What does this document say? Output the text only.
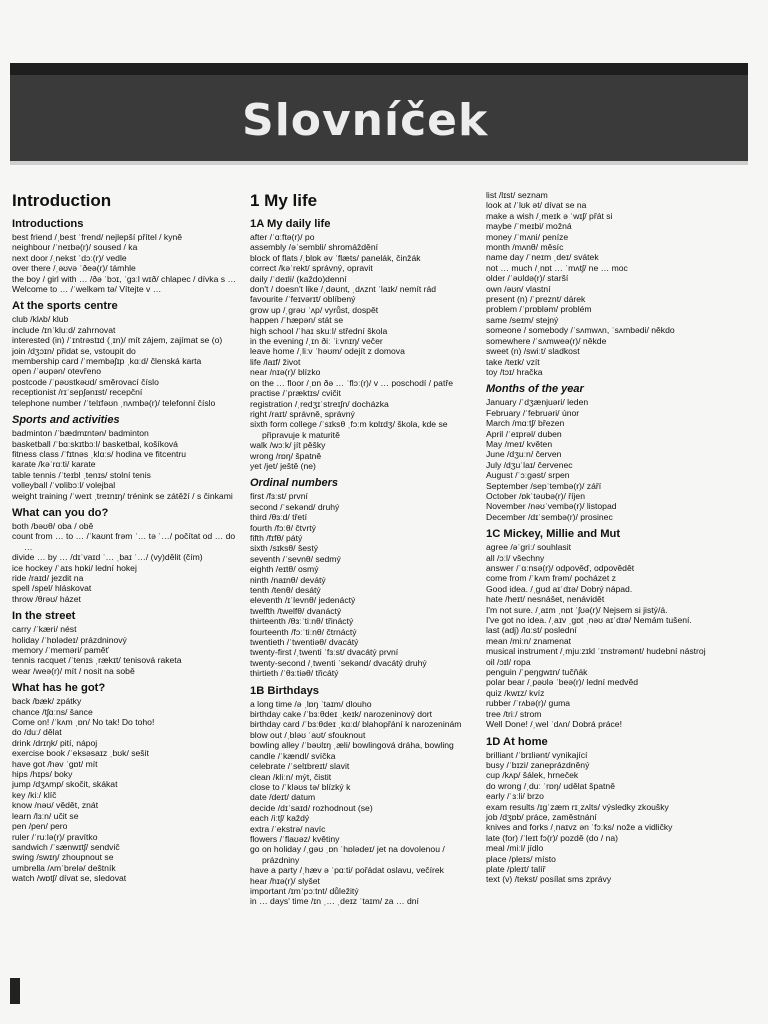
Slovníček
Introduction
Introductions
best friend /ˌbest ˈfrend/ nejlepší přítel / kyně
neighbour /ˈneɪbə(r)/ soused / ka
next door /ˌnekst ˈdɔː(r)/ vedle
over there /ˌəʊvə ˈðeə(r)/ támhle
the boy / girl with … /ðə ˈbɔɪ, ˈɡɜːl wɪð/ chlapec / dívka s …
Welcome to … /ˈwelkəm tə/ Vítejte v …
At the sports centre
club /klʌb/ klub
include /ɪnˈkluːd/ zahrnovat
interested (in) /ˈɪntrəstɪd (ˌɪn)/ mít zájem, zajímat se (o)
join /dʒɔɪn/ přidat se, vstoupit do
membership card /ˈmembəʃɪp ˌkɑːd/ členská karta
open /ˈəʊpən/ otevřeno
postcode /ˈpəʊstkəʊd/ směrovací číslo
receptionist /rɪˈsepʃənɪst/ recepční
telephone number /ˈtelɪfəʊn ˌnʌmbə(r)/ telefonní číslo
Sports and activities
badminton /ˈbædmɪntən/ badminton
basketball /ˈbɑːskɪtbɔːl/ basketbal, košíková
fitness class /ˈfɪtnəs ˌklɑːs/ hodina ve fitcentru
karate /kəˈrɑːti/ karate
table tennis /ˈteɪbl ˌtenɪs/ stolní tenis
volleyball /ˈvɒlibɔːl/ volejbal
weight training /ˈweɪt ˌtreɪnɪŋ/ trénink se zátěží / s činkami
What can you do?
both /bəʊθ/ oba / obě
count from … to … /ˈkaʊnt frəm ˈ… tə ˈ…/ počítat od … do …
divide … by … /dɪˈvaɪd ˈ… ˌbaɪ ˈ…/ (vy)dělit (čím)
ice hockey /ˈaɪs hɒki/ lední hokej
ride /raɪd/ jezdit na
spell /spel/ hláskovat
throw /θrəʊ/ házet
In the street
carry /ˈkæri/ nést
holiday /ˈhɒlədeɪ/ prázdninový
memory /ˈmeməri/ paměť
tennis racquet /ˈtenɪs ˌrækɪt/ tenisová raketa
wear /weə(r)/ mít / nosit na sobě
What has he got?
back /bæk/ zpátky
chance /tʃɑːns/ šance
Come on! /ˈkʌm ˌɒn/ No tak! Do toho!
do /duː/ dělat
drink /drɪŋk/ pití, nápoj
exercise book /ˈeksəsaɪz ˌbʊk/ sešit
have got /həv ˈɡɒt/ mít
hips /hɪps/ boky
jump /dʒʌmp/ skočit, skákat
key /kiː/ klíč
know /nəʊ/ vědět, znát
learn /lɜːn/ učit se
pen /pen/ pero
ruler /ˈruːlə(r)/ pravítko
sandwich /ˈsænwɪtʃ/ sendvič
swing /swɪŋ/ zhoupnout se
umbrella /ʌmˈbrelə/ deštník
watch /wɒtʃ/ dívat se, sledovat
1 My life
1A My daily life
after /ˈɑːftə(r)/ po
assembly /əˈsembli/ shromáždění
block of flats /ˌblɒk əv ˈflæts/ panelák, činžák
correct /kəˈrekt/ správný, opravit
daily /ˈdeɪli/ (každo)denní
don't / doesn't like /ˌdəʊnt, ˌdʌznt ˈlaɪk/ nemít rád
favourite /ˈfeɪvərɪt/ oblíbený
grow up /ˌɡrəʊ ˈʌp/ vyrůst, dospět
happen /ˈhæpən/ stát se
high school /ˈhaɪ skuːl/ střední škola
in the evening /ˌɪn ðiː ˈiːvnɪŋ/ večer
leave home /ˌliːv ˈhəʊm/ odejít z domova
life /laɪf/ život
near /nɪə(r)/ blízko
on the … floor /ˌɒn ðə … ˈflɔː(r)/ v … poschodí / patře
practise /ˈpræktɪs/ cvičit
registration /ˌredʒɪˈstreɪʃn/ docházka
right /raɪt/ správně, správný
sixth form college /ˈsɪksθ ˌfɔːm kɒlɪdʒ/ škola, kde se připravuje k maturitě
walk /wɔːk/ jít pěšky
wrong /rɒŋ/ špatně
yet /jet/ ještě (ne)
Ordinal numbers
first /fɜːst/ první
second /ˈsekənd/ druhý
third /θɜːd/ třetí
fourth /fɔːθ/ čtvrtý
fifth /fɪfθ/ pátý
sixth /sɪksθ/ šestý
seventh /ˈsevnθ/ sedmý
eighth /eɪtθ/ osmý
ninth /naɪnθ/ devátý
tenth /tenθ/ desátý
eleventh /ɪˈlevnθ/ jedenáctý
twelfth /twelfθ/ dvanáctý
thirteenth /θɜːˈtiːnθ/ třináctý
fourteenth /fɔːˈtiːnθ/ čtrnáctý
twentieth /ˈtwentiəθ/ dvacátý
twenty-first /ˌtwenti ˈfɜːst/ dvacátý první
twenty-second /ˌtwenti ˈsekənd/ dvacátý druhý
thirtieth /ˈθɜːtiəθ/ třicátý
1B Birthdays
a long time /ə ˌlɒŋ ˈtaɪm/ dlouho
birthday cake /ˈbɜːθdeɪ ˌkeɪk/ narozeninový dort
birthday card /ˈbɜːθdeɪ ˌkɑːd/ blahopřání k narozeninám
blow out /ˌbləʊ ˈaʊt/ sfouknout
bowling alley /ˈbəʊlɪŋ ˌæli/ bowlingová dráha, bowling
candle /ˈkændl/ svíčka
celebrate /ˈselɪbreɪt/ slavit
clean /kliːn/ mýt, čistit
close to /ˈkləʊs tə/ blízký k
date /deɪt/ datum
decide /dɪˈsaɪd/ rozhodnout (se)
each /iːtʃ/ každý
extra /ˈekstrə/ navíc
flowers /ˈflaʊəz/ květiny
go on holiday /ˌɡəʊ ˌɒn ˈhɒlədeɪ/ jet na dovolenou / prázdniny
have a party /ˌhæv ə ˈpɑːti/ pořádat oslavu, večírek
hear /hɪə(r)/ slyšet
important /ɪmˈpɔːtnt/ důležitý
in … days' time /ɪn ˌ… ˌdeɪz ˈtaɪm/ za … dní
list /lɪst/ seznam
look at /ˈlʊk ət/ dívat se na
make a wish /ˌmeɪk ə ˈwɪʃ/ přát si
maybe /ˈmeɪbi/ možná
money /ˈmʌni/ peníze
month /mʌnθ/ měsíc
name day /ˈneɪm ˌdeɪ/ svátek
not … much /ˌnɒt … ˈmʌtʃ/ ne … moc
older /ˈəʊldə(r)/ starší
own /əʊn/ vlastní
present (n) /ˈpreznt/ dárek
problem /ˈprɒbləm/ problém
same /seɪm/ stejný
someone / somebody /ˈsʌmwʌn, ˈsʌmbədi/ někdo
somewhere /ˈsʌmweə(r)/ někde
sweet (n) /swiːt/ sladkost
take /teɪk/ vzít
toy /tɔɪ/ hračka
Months of the year
January /ˈdʒænjuəri/ leden
February /ˈfebruəri/ únor
March /mɑːtʃ/ březen
April /ˈeɪprəl/ duben
May /meɪ/ květen
June /dʒuːn/ červen
July /dʒuˈlaɪ/ červenec
August /ˈɔːɡəst/ srpen
September /sepˈtembə(r)/ září
October /ɒkˈtəʊbə(r)/ říjen
November /nəʊˈvembə(r)/ listopad
December /dɪˈsembə(r)/ prosinec
1C Mickey, Millie and Mut
agree /əˈɡriː/ souhlasit
all /ɔːl/ všechny
answer /ˈɑːnsə(r)/ odpověď, odpovědět
come from /ˈkʌm frəm/ pocházet z
Good idea. /ˌɡʊd aɪˈdɪə/ Dobrý nápad.
hate /heɪt/ nesnášet, nenávidět
I'm not sure. /ˌaɪm ˌnɒt ˈʃʊə(r)/ Nejsem si jistý/á.
I've got no idea. /ˌaɪv ˌɡɒt ˌnəʊ aɪˈdɪə/ Nemám tušení.
last (adj) /lɑːst/ poslední
mean /miːn/ znamenat
musical instrument /ˌmjuːzɪkl ˈɪnstrəmənt/ hudební nástroj
oil /ɔɪl/ ropa
penguin /ˈpeŋɡwɪn/ tučňák
polar bear /ˌpəʊlə ˈbeə(r)/ lední medvěd
quiz /kwɪz/ kvíz
rubber /ˈrʌbə(r)/ guma
tree /triː/ strom
Well Done! /ˌwel ˈdʌn/ Dobrá práce!
1D At home
brilliant /ˈbrɪliənt/ vynikající
busy /ˈbɪzi/ zaneprázdněný
cup /kʌp/ šálek, hrneček
do wrong /ˌduː ˈrɒŋ/ udělat špatně
early /ˈɜːli/ brzo
exam results /ɪɡˈzæm rɪˌzʌlts/ výsledky zkoušky
job /dʒɒb/ práce, zaměstnání
knives and forks /ˌnaɪvz ən ˈfɔːks/ nože a vidličky
late (for) /ˈleɪt fɔ(r)/ pozdě (do / na)
meal /miːl/ jídlo
place /pleɪs/ místo
plate /pleɪt/ talíř
text (v) /tekst/ posílat sms zprávy
